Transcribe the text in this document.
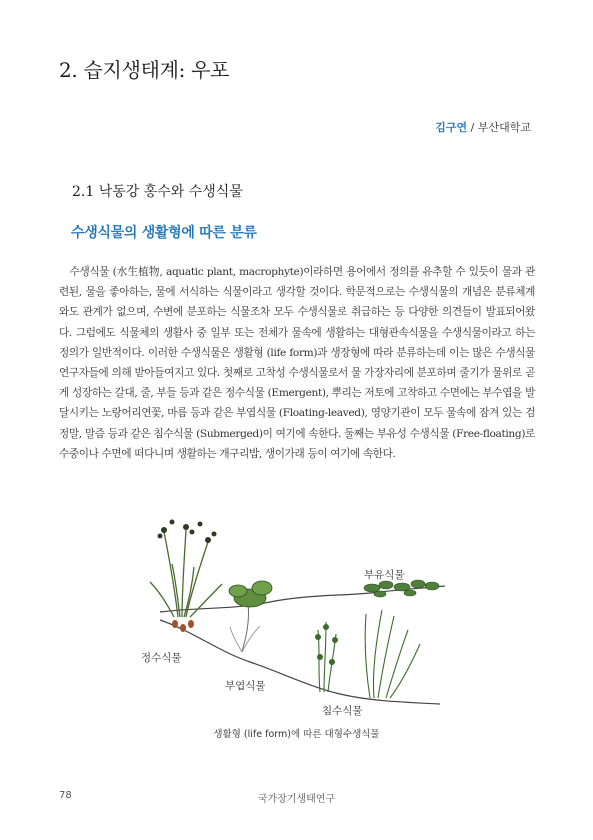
2. 습지생태계: 우포
김구연 / 부산대학교
2.1 낙동강 홍수와 수생식물
수생식물의 생활형에 따른 분류

수생식물 (水生植物, aquatic plant, macrophyte)이라하면 용어에서 정의를 유추할 수 있듯이 물과 관련된, 물을 좋아하는, 물에 서식하는 식물이라고 생각할 것이다. 학문적으로는 수생식물의 개념은 분류체계와도 관계가 없으며, 수변에 분포하는 식물조차 모두 수생식물로 취급하는 등 다양한 의견들이 발표되어왔다. 그럼에도 식물체의 생활사 중 일부 또는 전체가 물속에 생활하는 대형관속식물을 수생식물이라고 하는 정의가 일반적이다. 이러한 수생식물은 생활형 (life form)과 생장형에 따라 분류하는데 이는 많은 수생식물 연구자들에 의해 받아들여지고 있다. 첫째로 고착성 수생식물로서 물 가장자리에 분포하며 줄기가 물위로 곧게 성장하는 갈대, 줄, 부들 등과 같은 정수식물 (Emergent), 뿌리는 저토에 고착하고 수면에는 부수엽을 발달시키는 노랑어리연꽃, 마름 등과 같은 부엽식물 (Floating-leaved), 영양기관이 모두 물속에 잠겨 있는 검정말, 말즘 등과 같은 침수식물 (Submerged)이 여기에 속한다. 둘째는 부유성 수생식물 (Free-floating)로 수중이나 수면에 떠다니며 생활하는 개구리밥, 생이가래 등이 여기에 속한다.

부유식물
정수식물
부엽식물
침수식물
생활형 (life form)에 따른 대형수생식물
78	국가장기생태연구
